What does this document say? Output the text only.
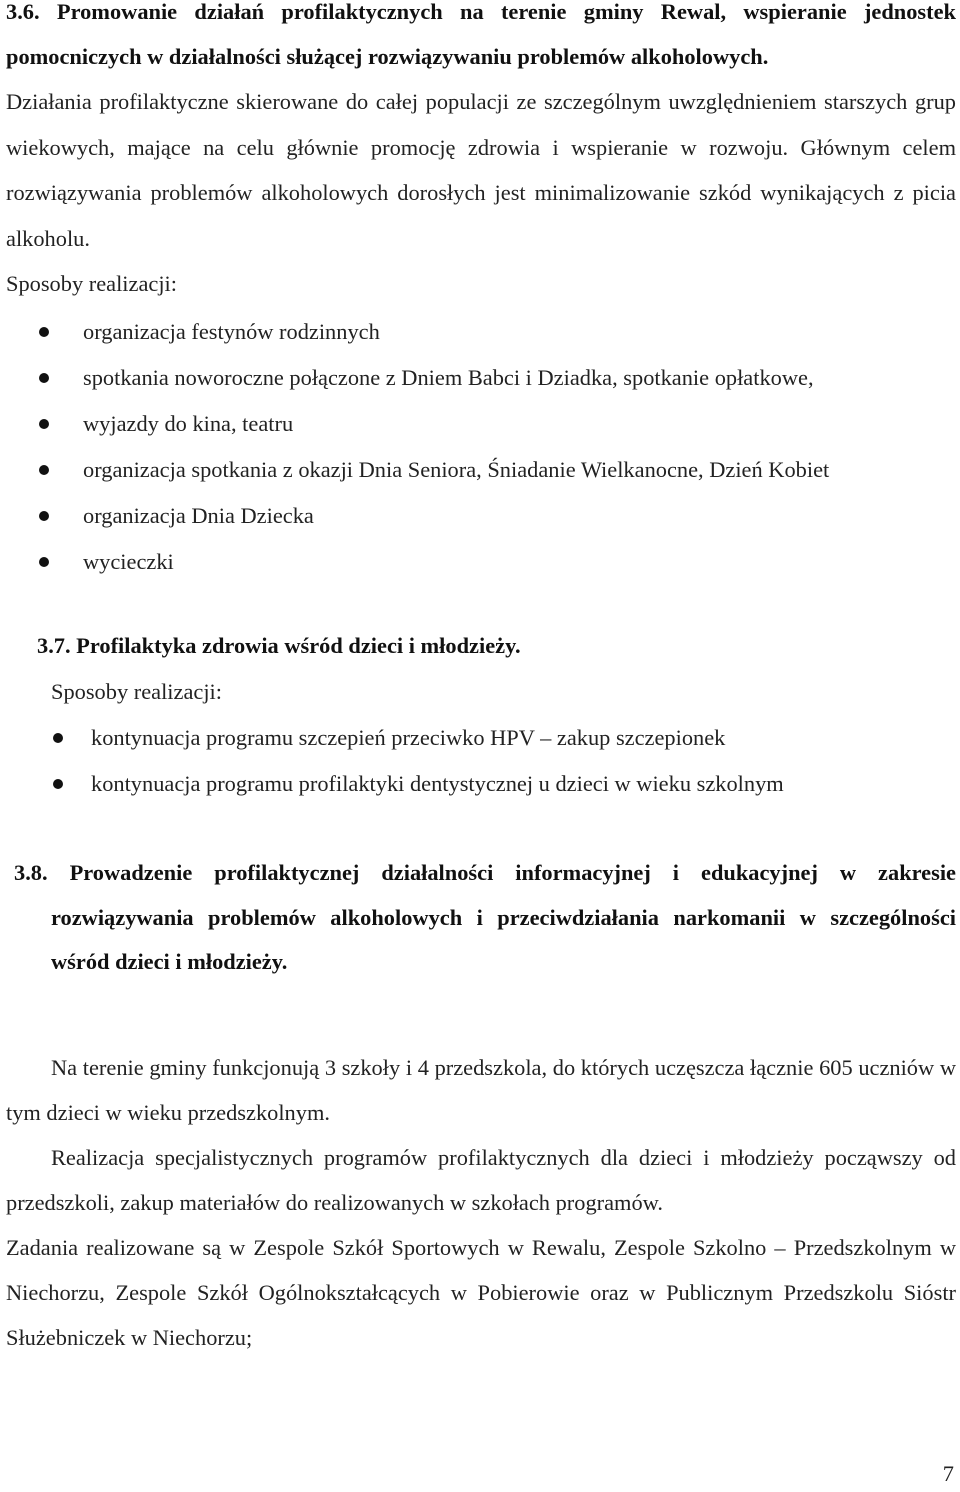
3.6. Promowanie działań profilaktycznych na terenie gminy Rewal, wspieranie jednostek pomocniczych w działalności służącej rozwiązywaniu problemów alkoholowych.

Działania profilaktyczne skierowane do całej populacji ze szczególnym uwzględnieniem starszych grup wiekowych, mające na celu głównie promocję zdrowia i wspieranie w rozwoju. Głównym celem rozwiązywania problemów alkoholowych dorosłych jest minimalizowanie szkód wynikających z picia alkoholu.

Sposoby realizacji:

organizacja festynów rodzinnych
spotkania noworoczne połączone z Dniem Babci i Dziadka, spotkanie opłatkowe,
wyjazdy do kina, teatru
organizacja spotkania z okazji Dnia Seniora, Śniadanie Wielkanocne, Dzień Kobiet
organizacja Dnia Dziecka
wycieczki

3.7. Profilaktyka zdrowia wśród dzieci i młodzieży.

Sposoby realizacji:

kontynuacja programu szczepień przeciwko HPV – zakup szczepionek
kontynuacja programu profilaktyki dentystycznej u dzieci w wieku szkolnym

3.8. Prowadzenie profilaktycznej działalności informacyjnej i edukacyjnej w zakresie rozwiązywania problemów alkoholowych i przeciwdziałania narkomanii w szczególności wśród dzieci i młodzieży.

Na terenie gminy funkcjonują 3 szkoły i 4 przedszkola, do których uczęszcza łącznie 605 uczniów w tym dzieci w wieku przedszkolnym.

Realizacja specjalistycznych programów profilaktycznych dla dzieci i młodzieży począwszy od przedszkoli, zakup materiałów do realizowanych w szkołach programów.

Zadania realizowane są w Zespole Szkół Sportowych w Rewalu, Zespole Szkolno – Przedszkolnym w Niechorzu, Zespole Szkół Ogólnokształcących w Pobierowie oraz w Publicznym Przedszkolu Sióstr Służebniczek w Niechorzu;

7
